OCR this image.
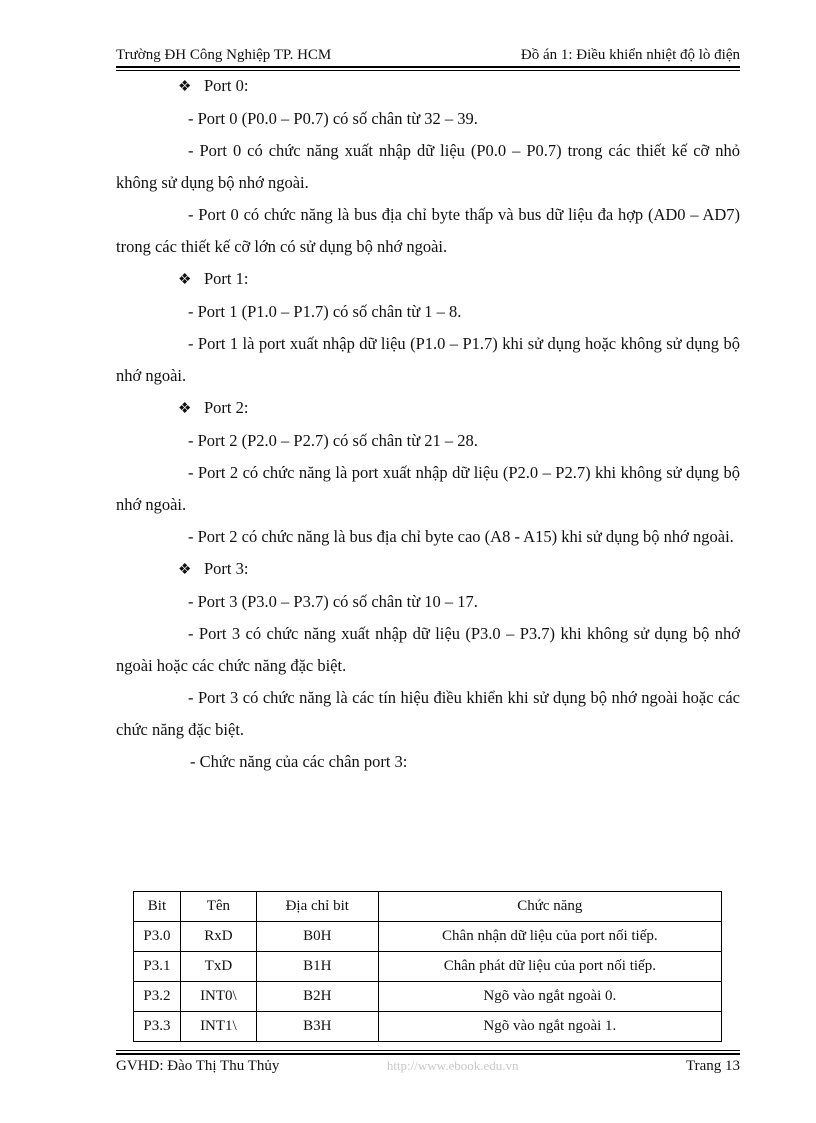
Trường ĐH Công Nghiệp TP. HCM	Đồ án 1: Điều khiển nhiệt độ lò điện

❖ Port 0:

- Port 0 (P0.0 – P0.7) có số chân từ 32 – 39.

- Port 0 có chức năng xuất nhập dữ liệu (P0.0 – P0.7) trong các thiết kế cỡ nhỏ không sử dụng bộ nhớ ngoài.

- Port 0 có chức năng là bus địa chỉ byte thấp và bus dữ liệu đa hợp (AD0 – AD7) trong các thiết kế cỡ lớn có sử dụng bộ nhớ ngoài.

❖ Port 1:

- Port 1 (P1.0 – P1.7) có số chân từ 1 – 8.

- Port 1 là port xuất nhập dữ liệu (P1.0 – P1.7) khi sử dụng hoặc không sử dụng bộ nhớ ngoài.

❖ Port 2:

- Port 2 (P2.0 – P2.7) có số chân từ 21 – 28.

- Port 2 có chức năng là port xuất nhập dữ liệu (P2.0 – P2.7) khi không sử dụng bộ nhớ ngoài.

- Port 2 có chức năng là bus địa chỉ byte cao (A8 - A15) khi sử dụng bộ nhớ ngoài.

❖ Port 3:

- Port 3 (P3.0 – P3.7) có số chân từ 10 – 17.

- Port 3 có chức năng xuất nhập dữ liệu (P3.0 – P3.7) khi không sử dụng bộ nhớ ngoài hoặc các chức năng đặc biệt.

- Port 3 có chức năng là các tín hiệu điều khiển khi sử dụng bộ nhớ ngoài hoặc các chức năng đặc biệt.

- Chức năng của các chân port 3:

Bit	Tên	Địa chỉ bit	Chức năng
P3.0	RxD	B0H	Chân nhận dữ liệu của port nối tiếp.
P3.1	TxD	B1H	Chân phát dữ liệu của port nối tiếp.
P3.2	INT0\	B2H	Ngõ vào ngắt ngoài 0.
P3.3	INT1\	B3H	Ngõ vào ngắt ngoài 1.
GVHD: Đào Thị Thu Thủy	http://www.ebook.edu.vn	Trang 13
